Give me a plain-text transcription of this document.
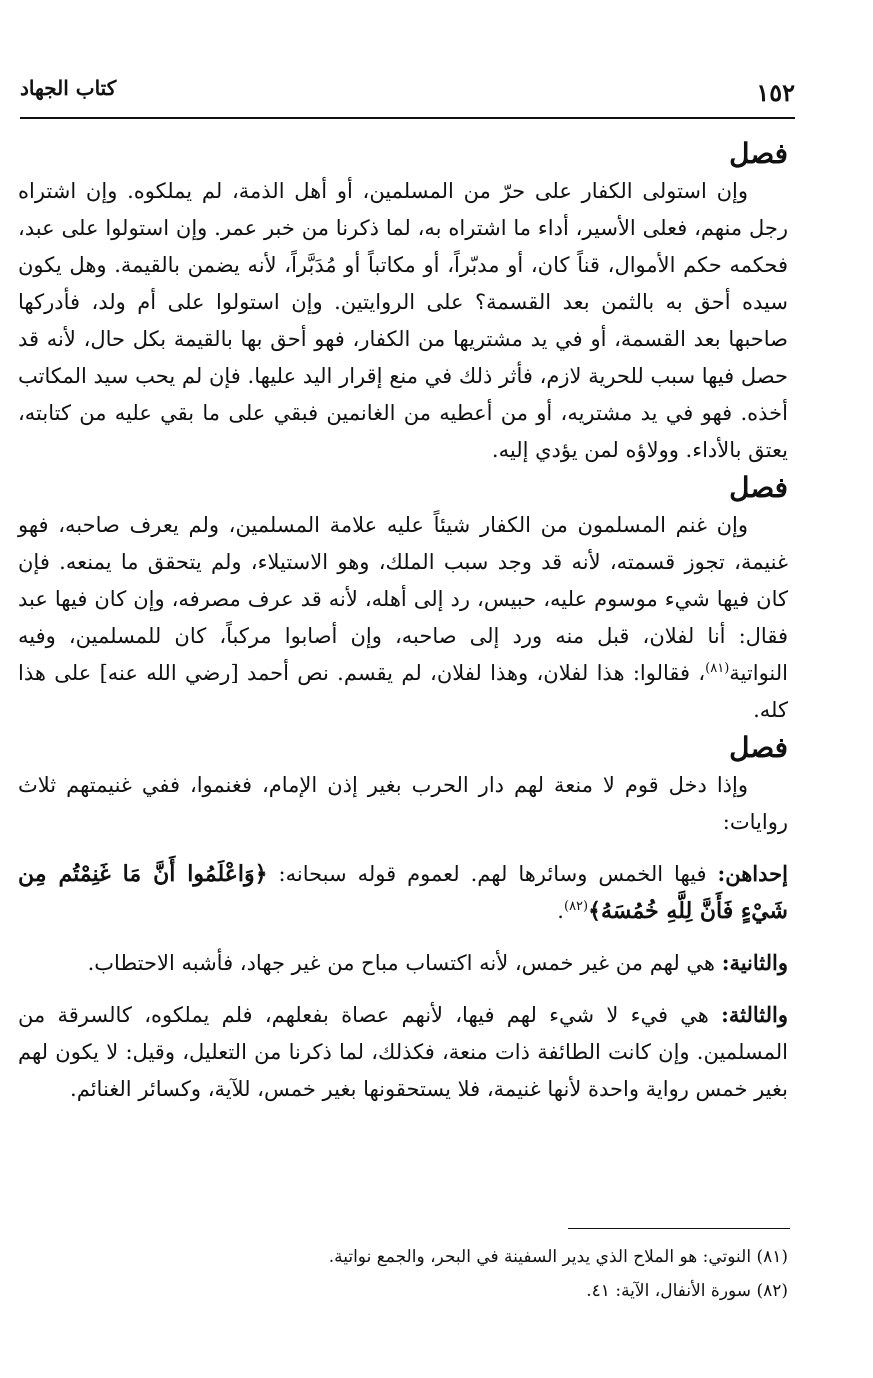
١٥٢
كتاب الجهاد
فصل

وإن استولى الكفار على حرّ من المسلمين، أو أهل الذمة، لم يملكوه. وإن اشتراه رجل منهم، فعلى الأسير، أداء ما اشتراه به، لما ذكرنا من خبر عمر. وإن استولوا على عبد، فحكمه حكم الأموال، قناً كان، أو مدبّراً، أو مكاتباً أو مُدَبَّراً، لأنه يضمن بالقيمة. وهل يكون سيده أحق به بالثمن بعد القسمة؟ على الروايتين. وإن استولوا على أم ولد، فأدركها صاحبها بعد القسمة، أو في يد مشتريها من الكفار، فهو أحق بها بالقيمة بكل حال، لأنه قد حصل فيها سبب للحرية لازم، فأثر ذلك في منع إقرار اليد عليها. فإن لم يحب سيد المكاتب أخذه. فهو في يد مشتريه، أو من أعطيه من الغانمين فبقي على ما بقي عليه من كتابته، يعتق بالأداء. وولاؤه لمن يؤدي إليه.

فصل

وإن غنم المسلمون من الكفار شيئاً عليه علامة المسلمين، ولم يعرف صاحبه، فهو غنيمة، تجوز قسمته، لأنه قد وجد سبب الملك، وهو الاستيلاء، ولم يتحقق ما يمنعه. فإن كان فيها شيء موسوم عليه، حبيس، رد إلى أهله، لأنه قد عرف مصرفه، وإن كان فيها عبد فقال: أنا لفلان، قبل منه ورد إلى صاحبه، وإن أصابوا مركباً، كان للمسلمين، وفيه النواتية$^{(٨١)}$، فقالوا: هذا لفلان، وهذا لفلان، لم يقسم. نص أحمد [رضي الله عنه] على هذا كله.

فصل

وإذا دخل قوم لا منعة لهم دار الحرب بغير إذن الإمام، فغنموا، ففي غنيمتهم ثلاث روايات:

إحداهن: فيها الخمس وسائرها لهم. لعموم قوله سبحانه: ﴿وَاعْلَمُوا أَنَّ مَا غَنِمْتُم مِن شَيْءٍ فَأَنَّ لِلَّهِ خُمُسَهُ﴾$^{(٨٢)}$.

والثانية: هي لهم من غير خمس، لأنه اكتساب مباح من غير جهاد، فأشبه الاحتطاب.

والثالثة: هي فيء لا شيء لهم فيها، لأنهم عصاة بفعلهم، فلم يملكوه، كالسرقة من المسلمين. وإن كانت الطائفة ذات منعة، فكذلك، لما ذكرنا من التعليل، وقيل: لا يكون لهم بغير خمس رواية واحدة لأنها غنيمة، فلا يستحقونها بغير خمس، للآية، وكسائر الغنائم.

(٨١) النوتي: هو الملاح الذي يدير السفينة في البحر، والجمع نواتية.
(٨٢) سورة الأنفال، الآية: ٤١.
